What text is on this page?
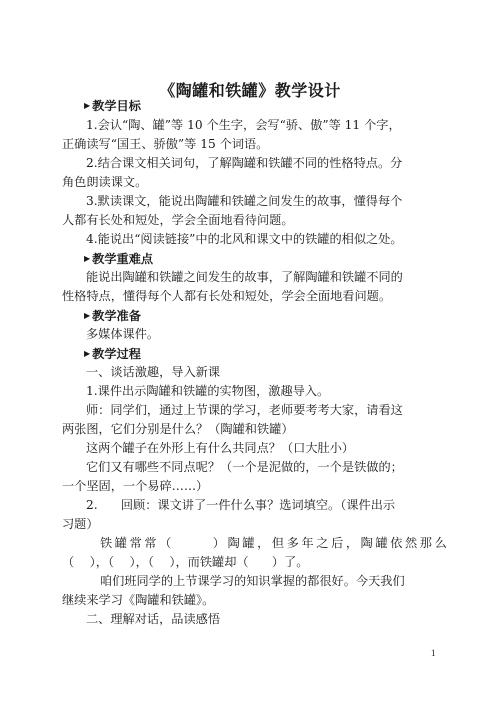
《陶罐和铁罐》教学设计
▶ 教学目标
1.会认“陶、罐”等 10 个生字，会写“骄、傲”等 11 个字，
正确读写“国王、骄傲”等 15 个词语。
2.结合课文相关词句，了解陶罐和铁罐不同的性格特点。分
角色朗读课文。
3.默读课文，能说出陶罐和铁罐之间发生的故事，懂得每个
人都有长处和短处，学会全面地看待问题。
4.能说出“阅读链接”中的北风和课文中的铁罐的相似之处。
▶ 教学重难点
能说出陶罐和铁罐之间发生的故事，了解陶罐和铁罐不同的
性格特点，懂得每个人都有长处和短处，学会全面地看问题。
▶ 教学准备
多媒体课件。
▶ 教学过程
一、谈话激趣，导入新课
1.课件出示陶罐和铁罐的实物图，激趣导入。
师：同学们，通过上节课的学习，老师要考考大家，请看这
两张图，它们分别是什么？（陶罐和铁罐）
这两个罐子在外形上有什么共同点？（口大肚小）
它们又有哪些不同点呢？（一个是泥做的，一个是铁做的；
一个坚固，一个易碎……）
2.      回顾：课文讲了一件什么事？选词填空。（课件出示
习题）
铁罐常常（      ）陶罐，但多年之后，陶罐依然那么
（    ），（    ），（    ），而铁罐却（      ）了。
咱们班同学的上节课学习的知识掌握的都很好。今天我们
继续来学习《陶罐和铁罐》。
二、理解对话，品读感悟
1
